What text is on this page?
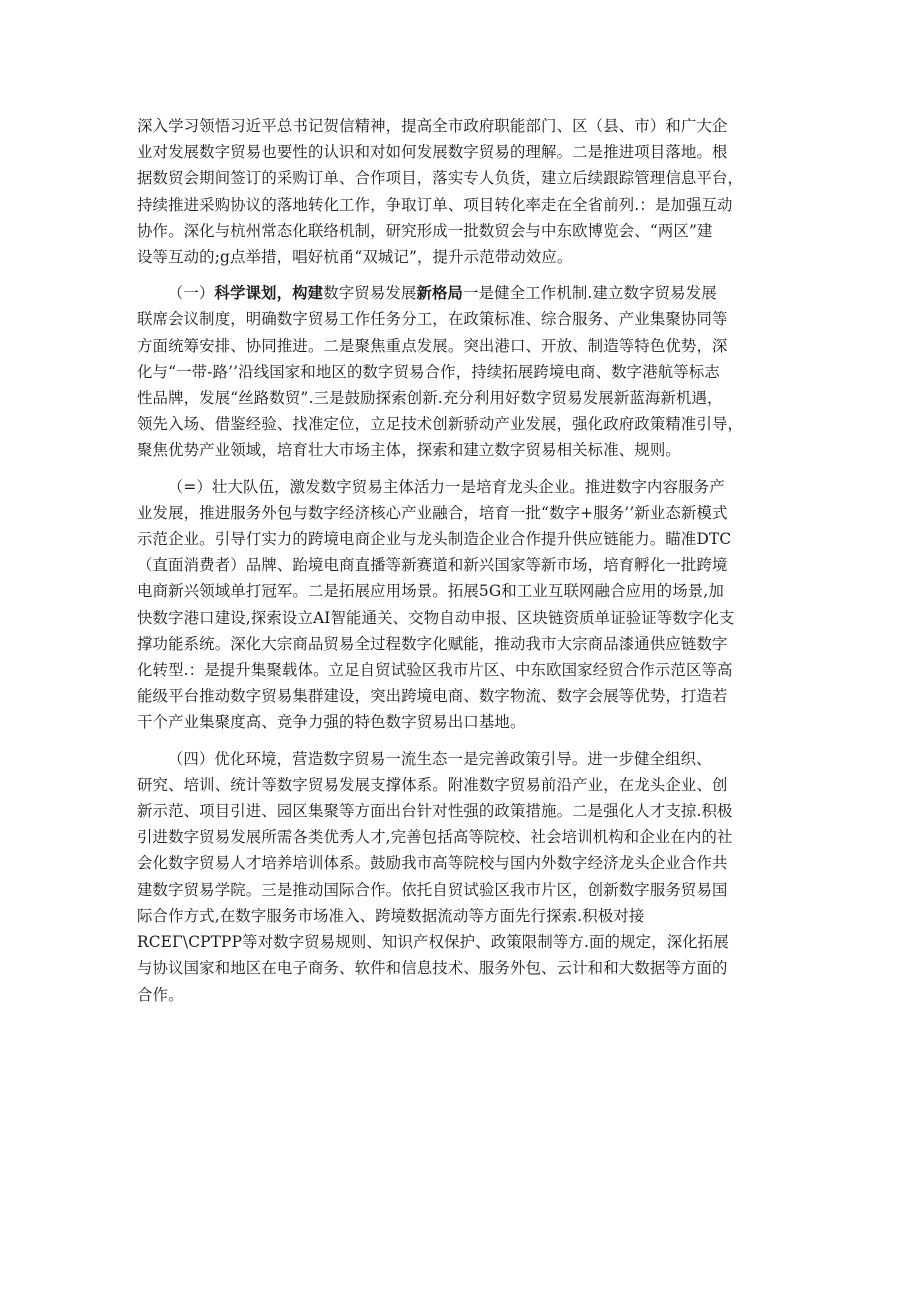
深入学习领悟习近平总书记贺信精神，提高全市政府职能部门、区（县、市）和广大企
业对发展数字贸易也要性的认识和对如何发展数字贸易的理解。二是推进项目落地。根
据数贸会期间签订的采购订单、合作项目，落实专人负货，建立后续跟踪管理信息平台，
持续推进采购协议的落地转化工作，争取订单、项目转化率走在全省前列.：是加强互动
协作。深化与杭州常态化联络机制，研究形成一批数贸会与中东欧博览会、“两区”建
设等互动的;g点举措，唱好杭甬“双城记”，提升示范带动效应。
（一）科学课划，构建数字贸易发展新格局一是健全工作机制.建立数字贸易发展
联席会议制度，明确数字贸易工作任务分工，在政策标准、综合服务、产业集聚协同等
方面统筹安排、协同推进。二是聚焦重点发展。突出港口、开放、制造等特色优势，深
化与“一带-路’’沿线国家和地区的数字贸易合作，持续拓展跨境电商、数字港航等标志
性品牌，发展“丝路数贸”.三是鼓励探索创新.充分利用好数字贸易发展新蓝海新机遇，
领先入场、借鉴经验、找准定位，立足技术创新骄动产业发展，强化政府政策精准引导，
聚焦优势产业领域，培育壮大市场主体，探索和建立数字贸易相关标准、规则。
（=）壮大队伍，激发数字贸易主体活力一是培育龙头企业。推进数字内容服务产
业发展，推进服务外包与数字经济核心产业融合，培育一批“数字+服务’’新业态新模式
示范企业。引导仃实力的跨境电商企业与龙头制造企业合作提升供应链能力。瞄准DTC
（直面消费者）品牌、跆境电商直播等新赛道和新兴国家等新市场，培育孵化一批跨境
电商新兴领域单打冠军。二是拓展应用场景。拓展5G和工业互联网融合应用的场景,加
快数字港口建设,探索设立AI智能通关、交物自动申报、区块链资质单证验证等数字化支
撑功能系统。深化大宗商品贸易全过程数字化赋能，推动我市大宗商品漆通供应链数字
化转型.：是提升集聚载体。立足自贸试验区我市片区、中东欧国家经贸合作示范区等高
能级平台推动数字贸易集群建设，突出跨境电商、数字物流、数字会展等优势，打造若
干个产业集聚度高、竞争力强的特色数字贸易出口基地。
（四）优化环境，营造数字贸易一流生态一是完善政策引导。进一步健全组织、
研究、培训、统计等数字贸易发展支撑体系。附准数字贸易前沿产业，在龙头企业、创
新示范、项目引进、园区集聚等方面出台针对性强的政策措施。二是强化人才支掠.积极
引进数字贸易发展所需各类优秀人才,完善包括高等院校、社会培训机构和企业在内的社
会化数字贸易人才培养培训体系。鼓励我市高等院校与国内外数字经济龙头企业合作共
建数字贸易学院。三是推动国际合作。依托自贸试验区我市片区，创新数字服务贸易国
际合作方式,在数字服务市场准入、跨境数据流动等方面先行探索.积极对接
RCEΓ\CPTPP等对数字贸易规则、知识产权保护、政策限制等方.面的规定，深化拓展
与协议国家和地区在电子商务、软件和信息技术、服务外包、云计和和大数据等方面的
合作。
